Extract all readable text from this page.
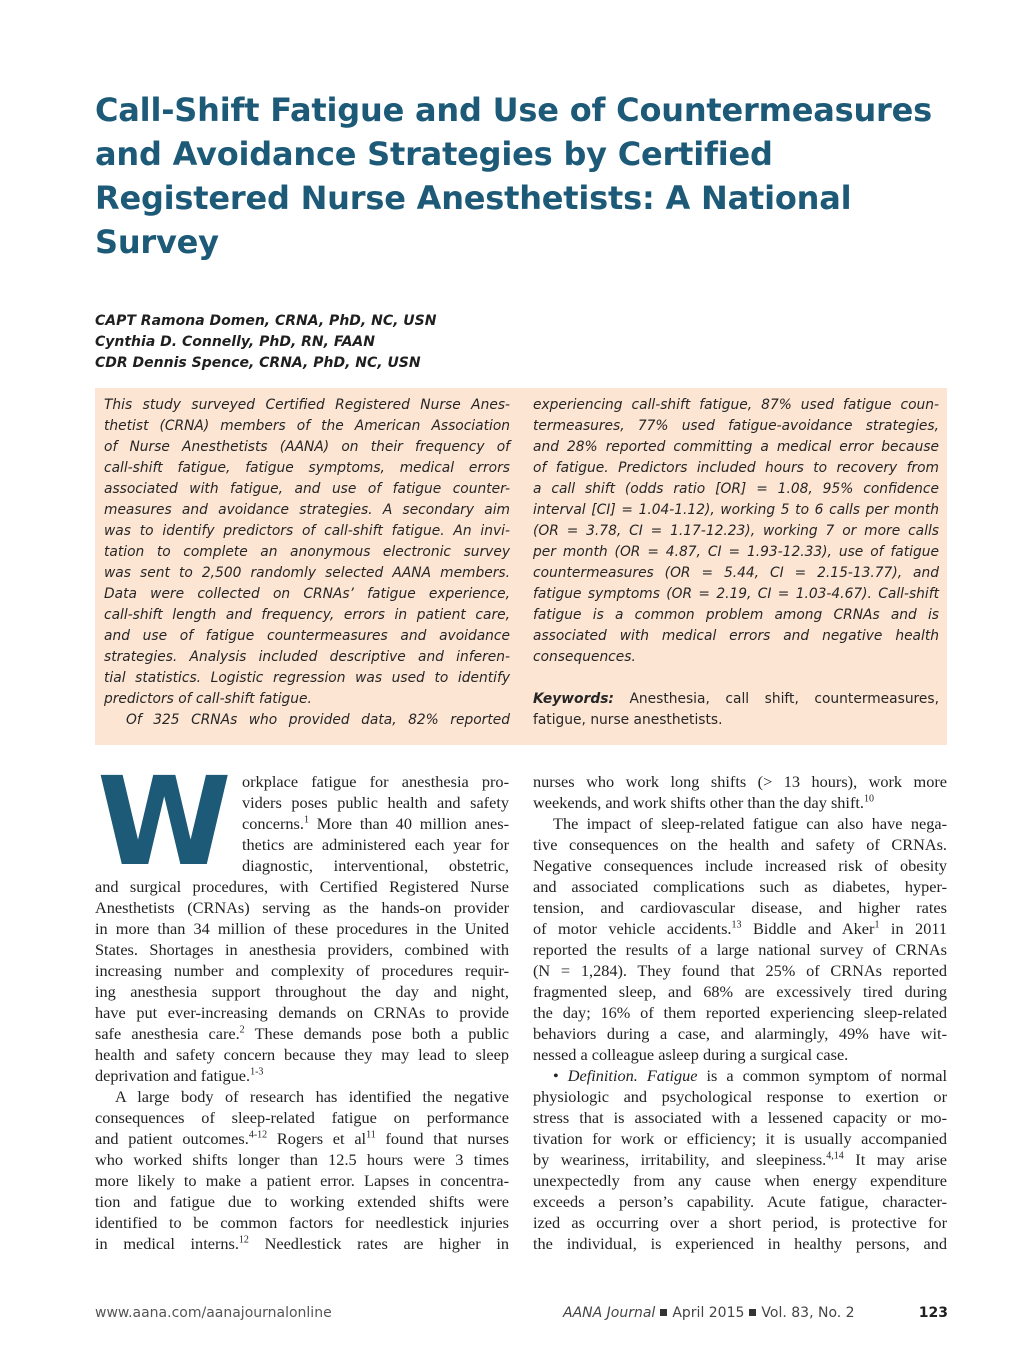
Call-Shift Fatigue and Use of Countermeasures
and Avoidance Strategies by Certified
Registered Nurse Anesthetists: A National
Survey
CAPT Ramona Domen, CRNA, PhD, NC, USN
Cynthia D. Connelly, PhD, RN, FAAN
CDR Dennis Spence, CRNA, PhD, NC, USN
This study surveyed Certified Registered Nurse Anes-
thetist (CRNA) members of the American Association
of Nurse Anesthetists (AANA) on their frequency of
call-shift fatigue, fatigue symptoms, medical errors
associated with fatigue, and use of fatigue counter-
measures and avoidance strategies. A secondary aim
was to identify predictors of call-shift fatigue. An invi-
tation to complete an anonymous electronic survey
was sent to 2,500 randomly selected AANA members.
Data were collected on CRNAs’ fatigue experience,
call-shift length and frequency, errors in patient care,
and use of fatigue countermeasures and avoidance
strategies. Analysis included descriptive and inferen-
tial statistics. Logistic regression was used to identify
predictors of call-shift fatigue.
Of 325 CRNAs who provided data, 82% reported
experiencing call-shift fatigue, 87% used fatigue coun-
termeasures, 77% used fatigue-avoidance strategies,
and 28% reported committing a medical error because
of fatigue. Predictors included hours to recovery from
a call shift (odds ratio [OR] = 1.08, 95% confidence
interval [CI] = 1.04-1.12), working 5 to 6 calls per month
(OR = 3.78, CI = 1.17-12.23), working 7 or more calls
per month (OR = 4.87, CI = 1.93-12.33), use of fatigue
countermeasures (OR = 5.44, CI = 2.15-13.77), and
fatigue symptoms (OR = 2.19, CI = 1.03-4.67). Call-shift
fatigue is a common problem among CRNAs and is
associated with medical errors and negative health
consequences.
Keywords: Anesthesia, call shift, countermeasures,
fatigue, nurse anesthetists.
W orkplace fatigue for anesthesia pro-
viders poses public health and safety
concerns.$^1$ More than 40 million anes-
thetics are administered each year for
diagnostic, interventional, obstetric,
and surgical procedures, with Certified Registered Nurse
Anesthetists (CRNAs) serving as the hands-on provider
in more than 34 million of these procedures in the United
States. Shortages in anesthesia providers, combined with
increasing number and complexity of procedures requir-
ing anesthesia support throughout the day and night,
have put ever-increasing demands on CRNAs to provide
safe anesthesia care.$^2$ These demands pose both a public
health and safety concern because they may lead to sleep
deprivation and fatigue.$^{1-3}$
A large body of research has identified the negative
consequences of sleep-related fatigue on performance
and patient outcomes.$^{4-12}$ Rogers et $al^{11}$ found that nurses
who worked shifts longer than 12.5 hours were 3 times
more likely to make a patient error. Lapses in concentra-
tion and fatigue due to working extended shifts were
identified to be common factors for needlestick injuries
in medical interns.$^{12}$ Needlestick rates are higher in
nurses who work long shifts (> 13 hours), work more
weekends, and work shifts other than the day shift.$^{10}$
The impact of sleep-related fatigue can also have nega-
tive consequences on the health and safety of CRNAs.
Negative consequences include increased risk of obesity
and associated complications such as diabetes, hyper-
tension, and cardiovascular disease, and higher rates
of motor vehicle accidents.$^{13}$ Biddle and Aker$^1$ in 2011
reported the results of a large national survey of CRNAs
(N = 1,284). They found that 25% of CRNAs reported
fragmented sleep, and 68% are excessively tired during
the day; 16% of them reported experiencing sleep-related
behaviors during a case, and alarmingly, 49% have wit-
nessed a colleague asleep during a surgical case.
• Definition. Fatigue is a common symptom of normal
physiologic and psychological response to exertion or
stress that is associated with a lessened capacity or mo-
tivation for work or efficiency; it is usually accompanied
by weariness, irritability, and sleepiness.$^{4,14}$ It may arise
unexpectedly from any cause when energy expenditure
exceeds a person’s capability. Acute fatigue, character-
ized as occurring over a short period, is protective for
the individual, is experienced in healthy persons, and
www.aana.com/aanajournalonline	AANA Journal April 2015 Vol. 83, No. 2	123
